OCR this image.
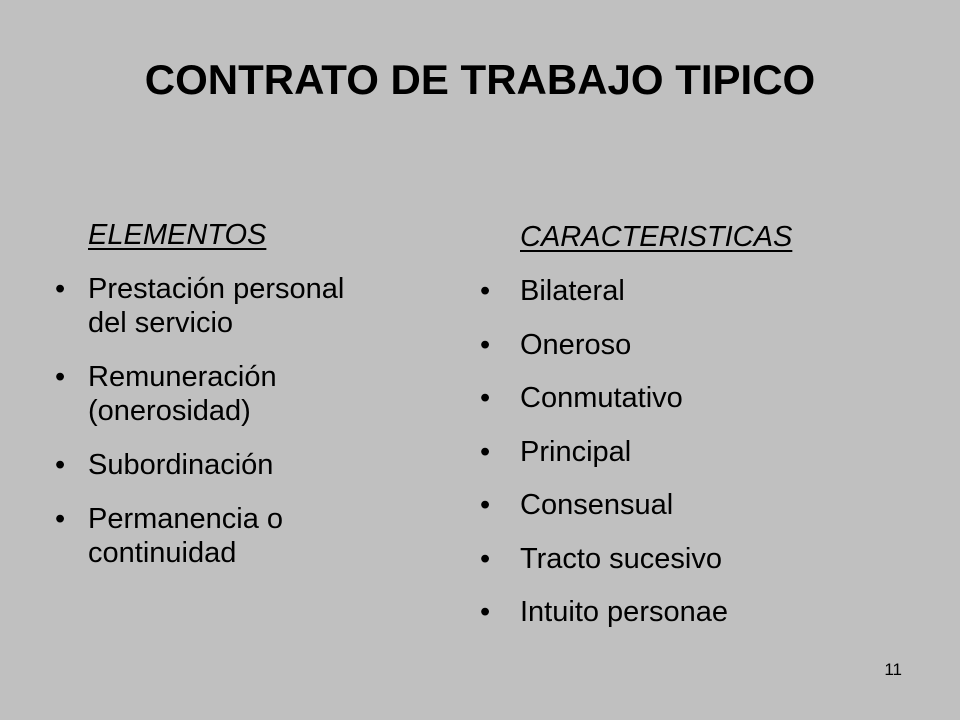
CONTRATO DE TRABAJO TIPICO
ELEMENTOS
• Prestación personal
del servicio
• Remuneración
(onerosidad)
• Subordinación
• Permanencia o
continuidad
CARACTERISTICAS
• Bilateral
• Oneroso
• Conmutativo
• Principal
• Consensual
• Tracto sucesivo
• Intuito personae
11
